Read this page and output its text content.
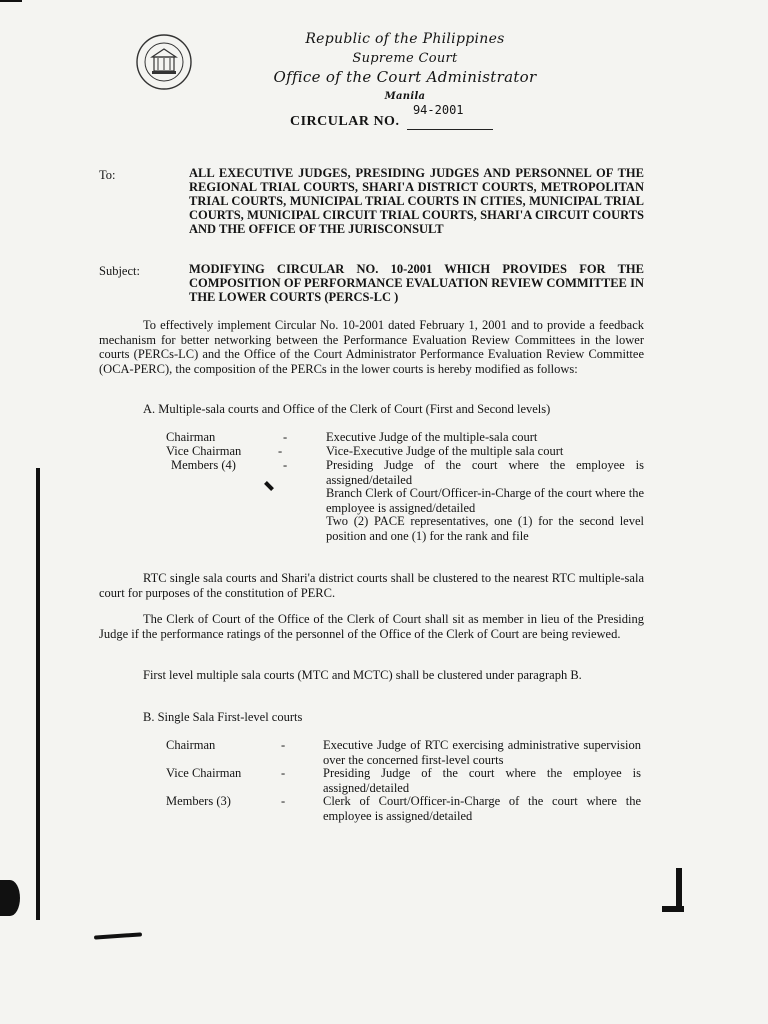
Republic of the Philippines
Supreme Court
Office of the Court Administrator
Manila
CIRCULAR NO.
94-2001
To:	ALL EXECUTIVE JUDGES, PRESIDING JUDGES AND PERSONNEL OF THE REGIONAL TRIAL COURTS, SHARI'A DISTRICT COURTS, METROPOLITAN TRIAL COURTS, MUNICIPAL TRIAL COURTS IN CITIES, MUNICIPAL TRIAL COURTS, MUNICIPAL CIRCUIT TRIAL COURTS, SHARI'A CIRCUIT COURTS AND THE OFFICE OF THE JURISCONSULT
Subject:	MODIFYING CIRCULAR NO. 10-2001 WHICH PROVIDES FOR THE COMPOSITION OF PERFORMANCE EVALUATION REVIEW COMMITTEE IN THE LOWER COURTS (PERCS-LC )
To effectively implement Circular No. 10-2001 dated February 1, 2001 and to provide a feedback mechanism for better networking between the Performance Evaluation Review Committees in the lower courts (PERCs-LC) and the Office of the Court Administrator Performance Evaluation Review Committee (OCA-PERC), the composition of the PERCs in the lower courts is hereby modified as follows:
A. Multiple-sala courts and Office of the Clerk of Court (First and Second levels)
Chairman	-	Executive Judge of the multiple-sala court
Vice Chairman	-	Vice-Executive Judge of the multiple sala court
Members (4)	-	Presiding Judge of the court where the employee is assigned/detailed
Branch Clerk of Court/Officer-in-Charge of the court where the employee is assigned/detailed
Two (2) PACE representatives, one (1) for the second level position and one (1) for the rank and file
RTC single sala courts and Shari'a district courts shall be clustered to the nearest RTC multiple-sala court for purposes of the constitution of PERC.
The Clerk of Court of the Office of the Clerk of Court shall sit as member in lieu of the Presiding Judge if the performance ratings of the personnel of the Office of the Clerk of Court are being reviewed.
First level multiple sala courts (MTC and MCTC) shall be clustered under paragraph B.
B. Single Sala First-level courts
Chairman	-	Executive Judge of RTC exercising administrative supervision over the concerned first-level courts
Vice Chairman	-	Presiding Judge of the court where the employee is assigned/detailed
Members (3)	-	Clerk of Court/Officer-in-Charge of the court where the employee is assigned/detailed
